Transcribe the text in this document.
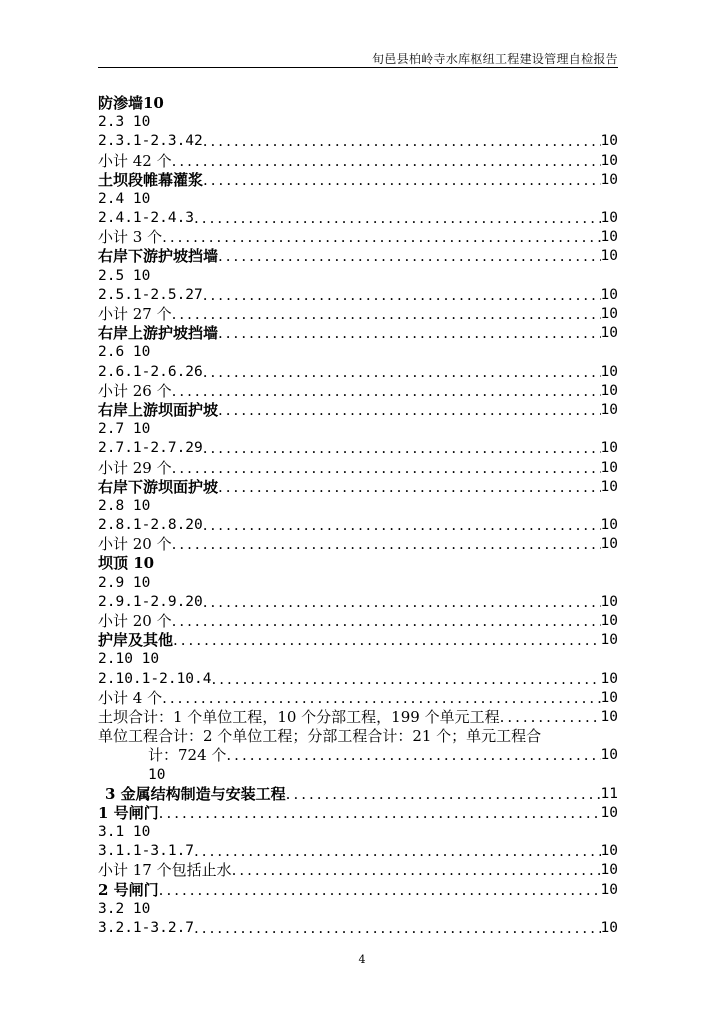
旬邑县柏岭寺水库枢纽工程建设管理自检报告
防渗墙10
2.3 10
2.3.1-2.3.42 .....	10
小计 42 个 .....	10
土坝段帷幕灌浆 .....	10
2.4 10
2.4.1-2.4.3 .....	10
小计 3 个 .....	10
右岸下游护坡挡墙 .....	10
2.5 10
2.5.1-2.5.27 .....	10
小计 27 个 .....	10
右岸上游护坡挡墙 .....	10
2.6 10
2.6.1-2.6.26 .....	10
小计 26 个 .....	10
右岸上游坝面护坡 .....	10
2.7 10
2.7.1-2.7.29 .....	10
小计 29 个 .....	10
右岸下游坝面护坡 .....	10
2.8 10
2.8.1-2.8.20 .....	10
小计 20 个 .....	10
坝顶 10
2.9 10
2.9.1-2.9.20 .....	10
小计 20 个 .....	10
护岸及其他 .....	10
2.10 10
2.10.1-2.10.4 .....	10
小计 4 个 .....	10
土坝合计：1 个单位工程，10 个分部工程，199 个单元工程 .....	10
单位工程合计：2 个单位工程；分部工程合计：21 个；单元工程合
计：724 个 .....	10
10
3 金属结构制造与安装工程 .....	11
1 号闸门 .....	10
3.1 10
3.1.1-3.1.7 .....	10
小计 17 个包括止水 .....	10
2 号闸门 .....	10
3.2 10
3.2.1-3.2.7 .....	10
4
